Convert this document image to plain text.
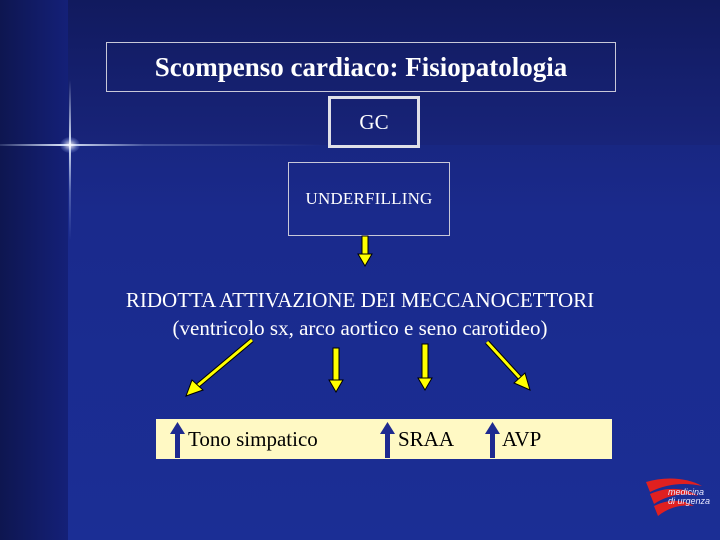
Scompenso cardiaco: Fisiopatologia
GC
UNDERFILLING
RIDOTTA ATTIVAZIONE DEI MECCANOCETTORI
(ventricolo sx, arco aortico e seno carotideo)
Tono simpatico	SRAA AVP
medicina
di urgenza
